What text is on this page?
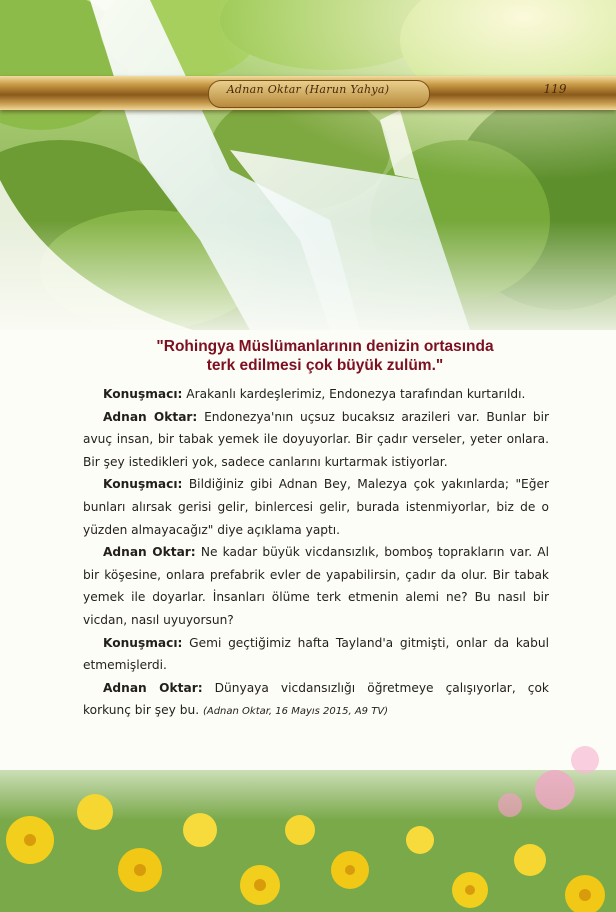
Adnan Oktar (Harun Yahya)	119
"Rohingya Müslümanlarının denizin ortasında
terk edilmesi çok büyük zulüm."

Konuşmacı: Arakanlı kardeşlerimiz, Endonezya tarafından kurtarıldı.

Adnan Oktar: Endonezya'nın uçsuz bucaksız arazileri var. Bunlar bir avuç insan, bir tabak yemek ile doyuyorlar. Bir çadır verseler, yeter onlara. Bir şey istedikleri yok, sadece canlarını kurtarmak istiyorlar.

Konuşmacı: Bildiğiniz gibi Adnan Bey, Malezya çok yakınlarda; "Eğer bunları alırsak gerisi gelir, binlercesi gelir, burada istenmiyorlar, biz de o yüzden almayacağız" diye açıklama yaptı.

Adnan Oktar: Ne kadar büyük vicdansızlık, bomboş toprakların var. Al bir köşesine, onlara prefabrik evler de yapabilirsin, çadır da olur. Bir tabak yemek ile doyarlar. İnsanları ölüme terk etmenin alemi ne? Bu nasıl bir vicdan, nasıl uyuyorsun?

Konuşmacı: Gemi geçtiğimiz hafta Tayland'a gitmişti, onlar da kabul etmemişlerdi.

Adnan Oktar: Dünyaya vicdansızlığı öğretmeye çalışıyorlar, çok korkunç bir şey bu. (Adnan Oktar, 16 Mayıs 2015, A9 TV)
